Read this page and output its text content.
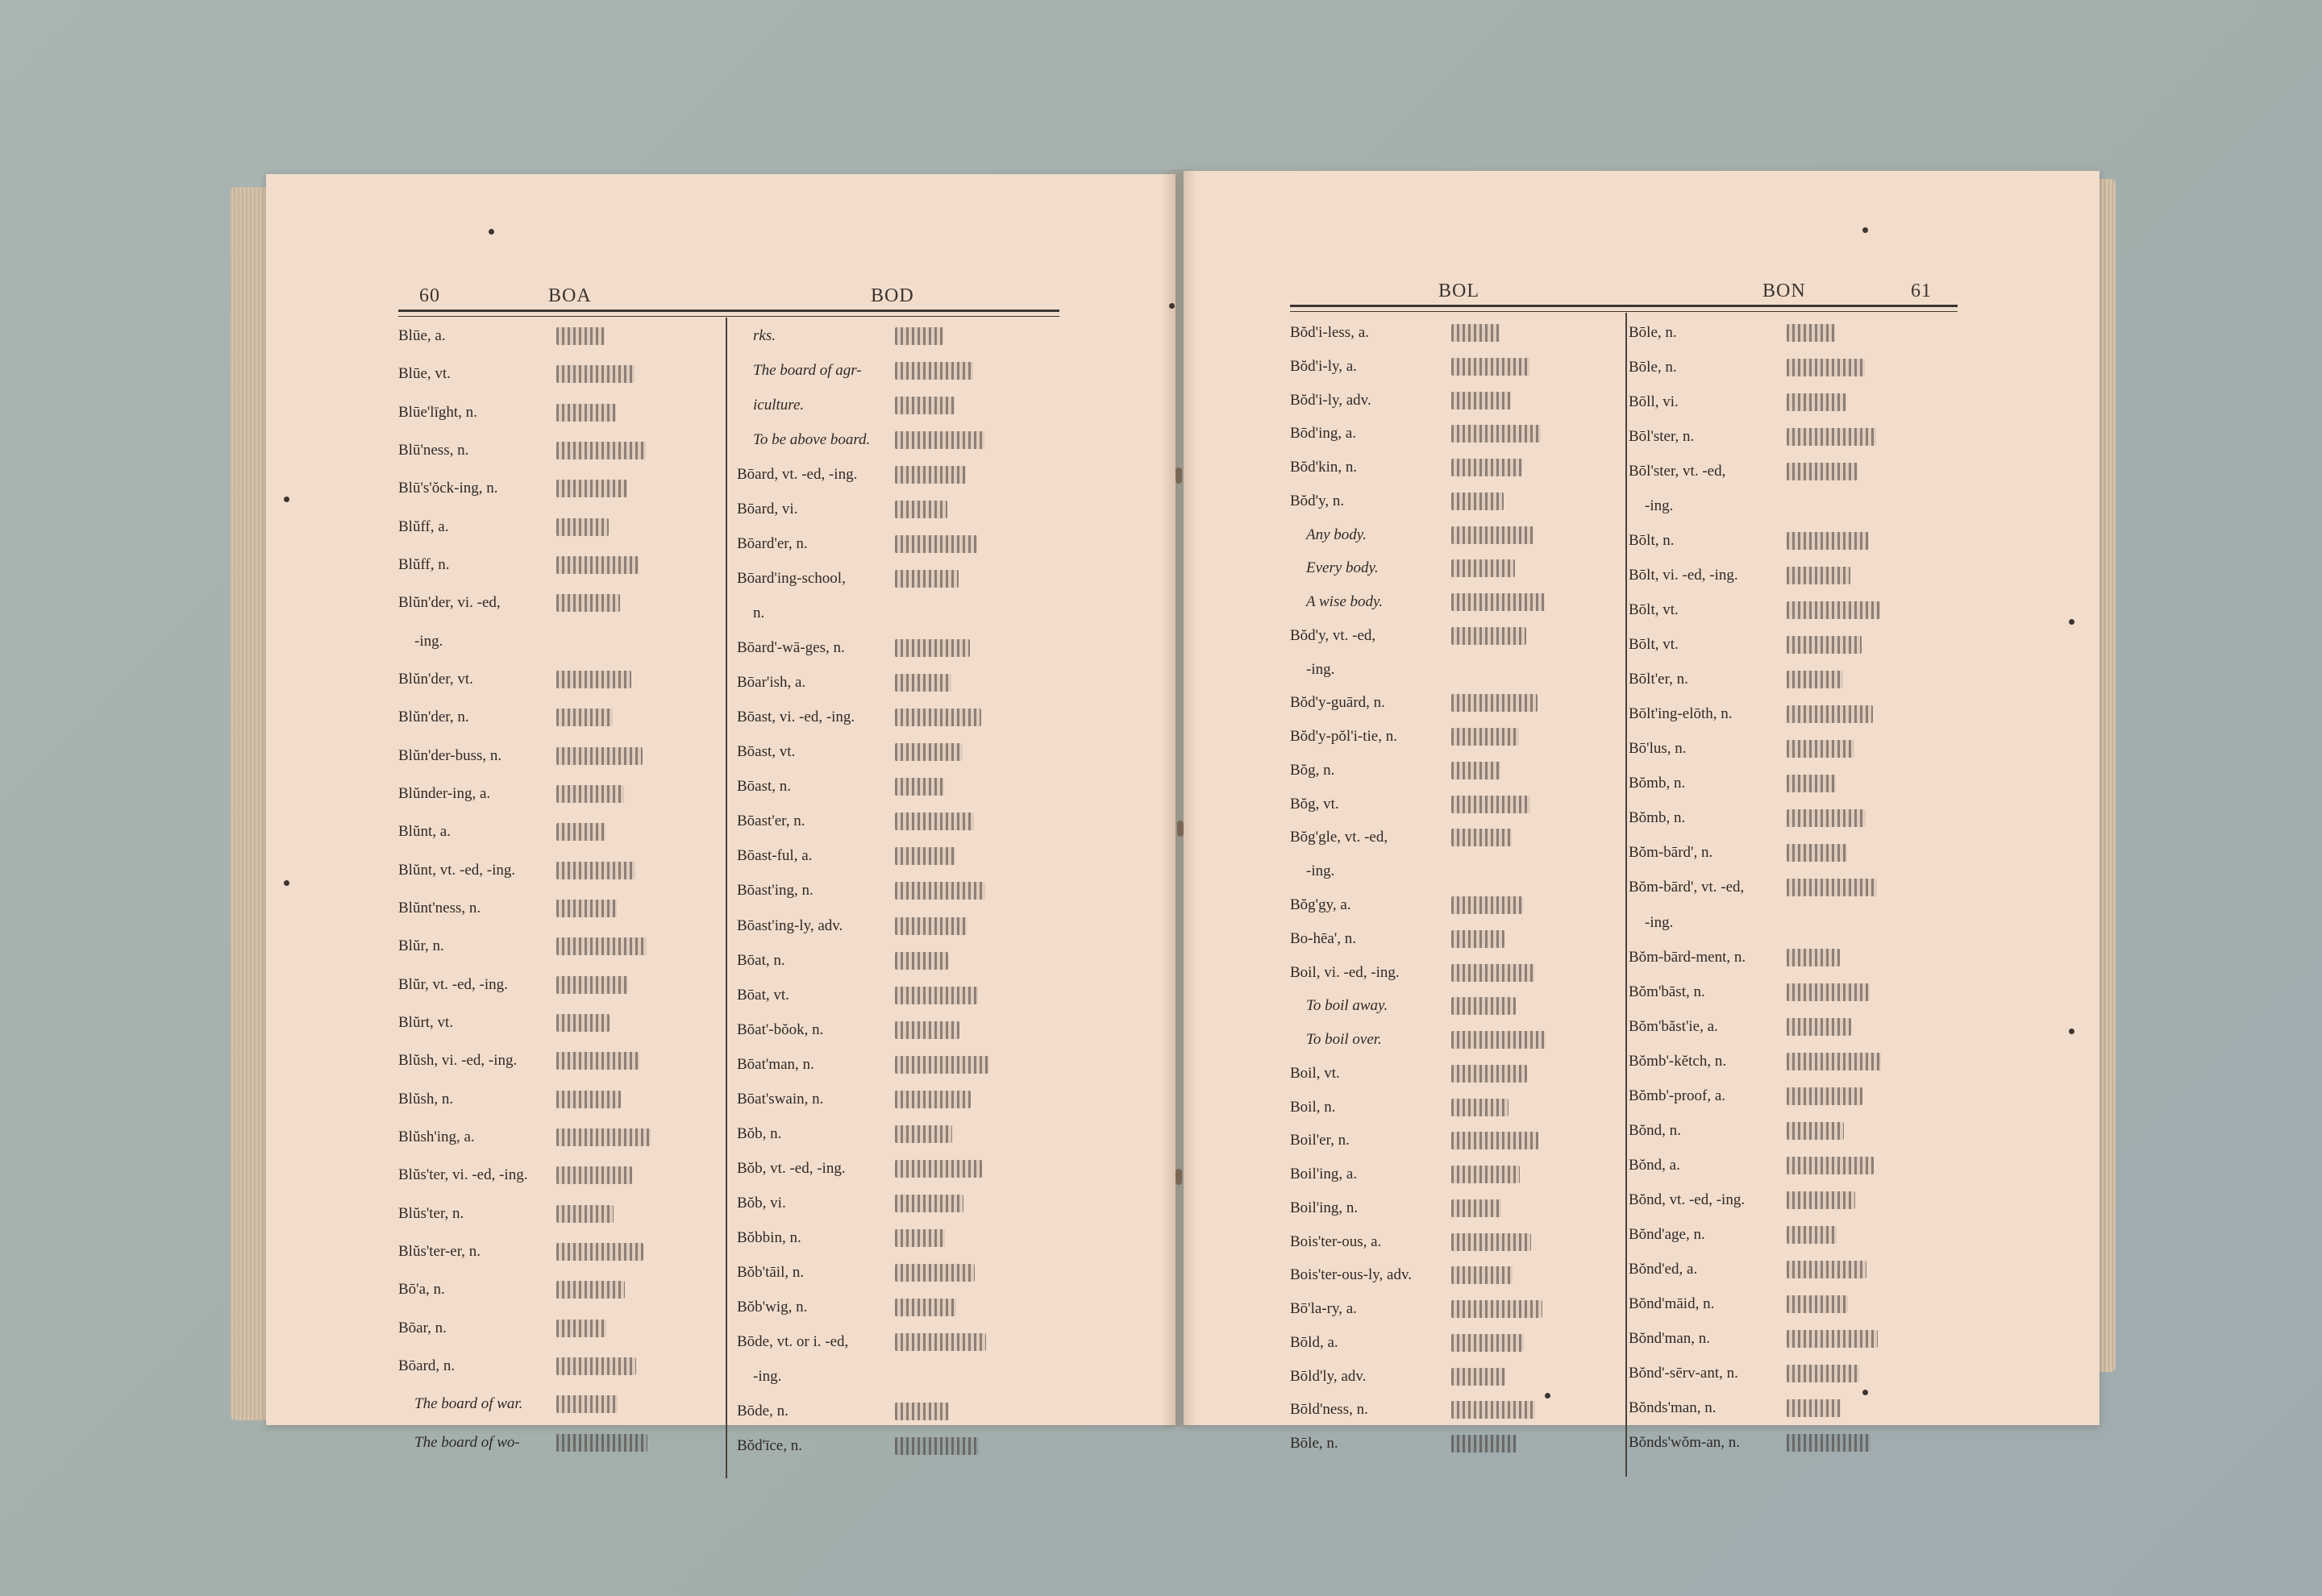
60	BOA	BOD
Blūe, a.
Blūe, vt.
Blūe'līght, n.
Blū'ness, n.
Blū's'ŏck-ing, n.
Blŭff, a.
Blŭff, n.
Blŭn'der, vi. -ed,
-ing.
Blŭn'der, vt.
Blŭn'der, n.
Blŭn'der-buss, n.
Blŭnder-ing, a.
Blŭnt, a.
Blŭnt, vt. -ed, -ing.
Blŭnt'ness, n.
Blŭr, n.
Blŭr, vt. -ed, -ing.
Blŭrt, vt.
Blŭsh, vi. -ed, -ing.
Blŭsh, n.
Blŭsh'ing, a.
Blŭs'ter, vi. -ed, -ing.
Blŭs'ter, n.
Blŭs'ter-er, n.
Bō'a, n.
Bōar, n.
Bōard, n.
The board of war.
The board of wo-
rks.
The board of agr-
iculture.
To be above board.
Bōard, vt. -ed, -ing.
Bōard, vi.
Bōard'er, n.
Bōard'ing-school,
n.
Bōard'-wā-ges, n.
Bōar'ish, a.
Bōast, vi. -ed, -ing.
Bōast, vt.
Bōast, n.
Bōast'er, n.
Bōast-ful, a.
Bōast'ing, n.
Bōast'ing-ly, adv.
Bōat, n.
Bōat, vt.
Bōat'-bŏok, n.
Bōat'man, n.
Bōat'swain, n.
Bŏb, n.
Bŏb, vt. -ed, -ing.
Bŏb, vi.
Bŏbbin, n.
Bŏb'tāil, n.
Bŏb'wig, n.
Bōde, vt. or i. -ed,
-ing.
Bōde, n.
Bŏd'īce, n.
BOL	BON	61
Bŏd'i-less, a.
Bŏd'i-ly, a.
Bŏd'i-ly, adv.
Bōd'ing, a.
Bŏd'kin, n.
Bŏd'y, n.
Any body.
Every body.
A wise body.
Bŏd'y, vt. -ed,
-ing.
Bŏd'y-guārd, n.
Bŏd'y-pŏl'i-tie, n.
Bŏg, n.
Bŏg, vt.
Bŏg'gle, vt. -ed,
-ing.
Bŏg'gy, a.
Bo-hēa', n.
Boil, vi. -ed, -ing.
To boil away.
To boil over.
Boil, vt.
Boil, n.
Boil'er, n.
Boil'ing, a.
Boil'ing, n.
Bois'ter-ous, a.
Bois'ter-ous-ly, adv.
Bō'la-ry, a.
Bōld, a.
Bōld'ly, adv.
Bōld'ness, n.
Bōle, n.
Bōle, n.
Bōle, n.
Bōll, vi.
Bōl'ster, n.
Bōl'ster, vt. -ed,
-ing.
Bōlt, n.
Bōlt, vi. -ed, -ing.
Bōlt, vt.
Bōlt, vt.
Bōlt'er, n.
Bōlt'ing-elōth, n.
Bō'lus, n.
Bŏmb, n.
Bŏmb, n.
Bŏm-bārd', n.
Bŏm-bārd', vt. -ed,
-ing.
Bŏm-bārd-ment, n.
Bŏm'bāst, n.
Bŏm'băst'ie, a.
Bŏmb'-kĕtch, n.
Bŏmb'-proof, a.
Bŏnd, n.
Bŏnd, a.
Bŏnd, vt. -ed, -ing.
Bŏnd'age, n.
Bŏnd'ed, a.
Bŏnd'māid, n.
Bŏnd'man, n.
Bŏnd'-sērv-ant, n.
Bŏnds'man, n.
Bŏnds'wŏm-an, n.
